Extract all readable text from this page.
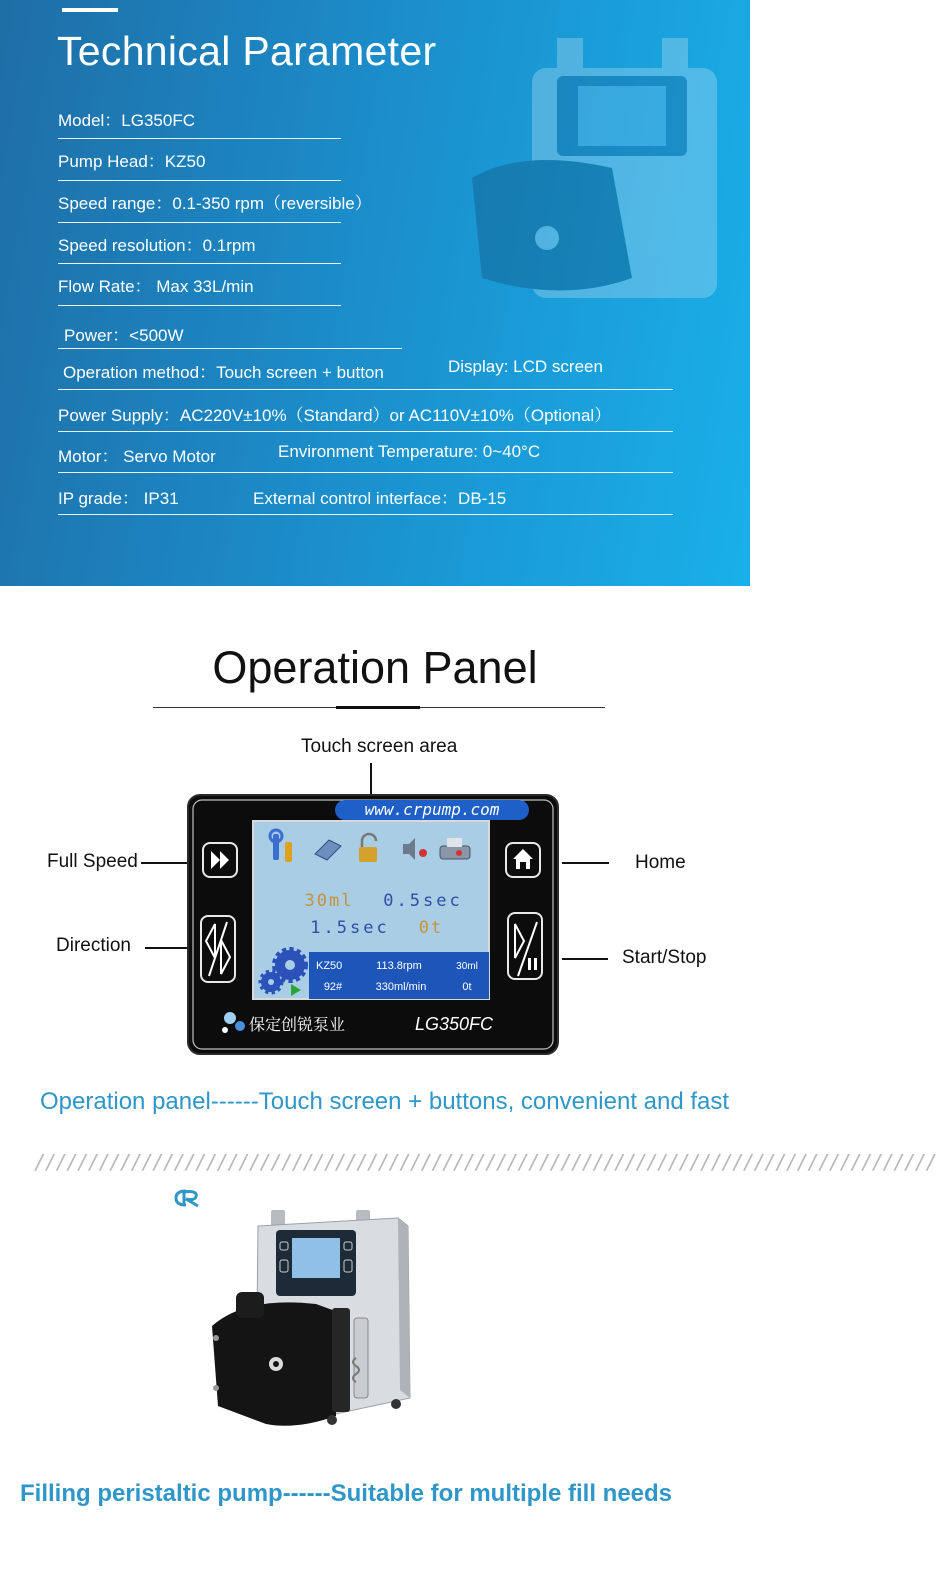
Technical Parameter
Model：LG350FC
Pump Head：KZ50
Speed range：0.1-350 rpm（reversible）
Speed resolution：0.1rpm
Flow Rate： Max 33L/min
Power：<500W
Operation method：Touch screen + button	Display: LCD screen
Power Supply：AC220V±10%（Standard）or AC110V±10%（Optional）
Motor： Servo Motor	Environment Temperature: 0~40°C
IP grade： IP31	External control interface：DB-15
Operation Panel
Touch screen area
Full Speed
Direction
Home
Start/Stop
www.crpump.com
30ml 0.5sec
1.5sec 0t
KZ50	113.8rpm	30ml
92#	330ml/min	0t
保定创锐泵业	LG350FC
Operation panel------Touch screen + buttons, convenient and fast
////////////////////////////////////////////////////////////////////////////////////
Filling peristaltic pump------Suitable for multiple fill needs
